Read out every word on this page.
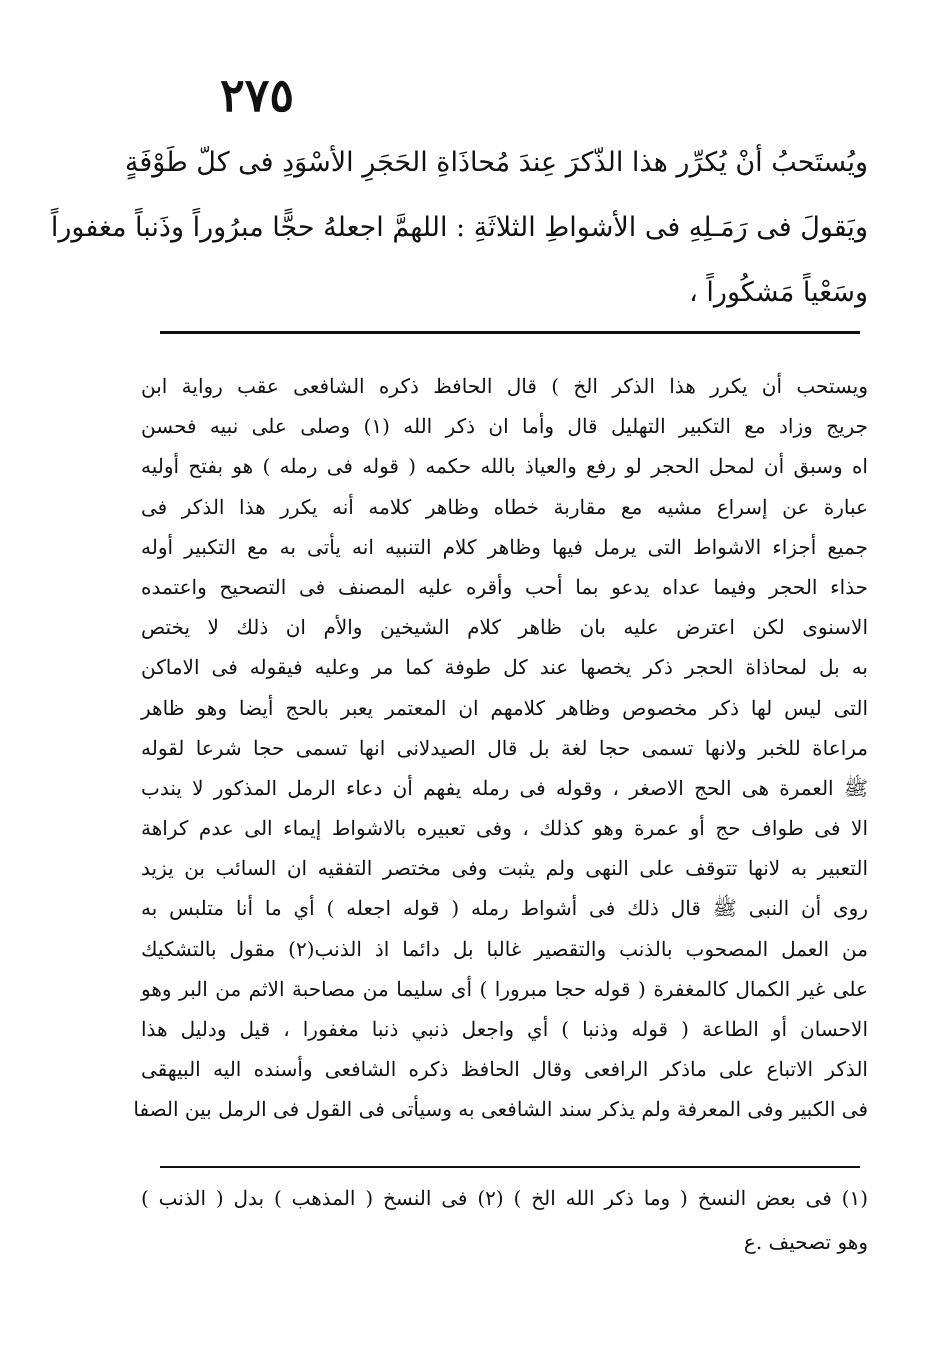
٢٧٥
ويُستَحبُ أنْ يُكرِّر هذا الذّكرَ عِندَ مُحاذَاةِ الحَجَرِ الأسْوَدِ فى كلّ طَوْفَةٍ
ويَقولَ فى رَمَـلِهِ فى الأشواطِ الثلاثَةِ : اللهمَّ اجعلهُ حجًّا مبرُوراً وذَنباً مغفوراً
وسَعْياً مَشكُوراً ،
ويستحب أن يكرر هذا الذكر الخ ) قال الحافظ ذكره الشافعى عقب رواية ابن
جريج وزاد مع التكبير التهليل قال وأما ان ذكر الله (١) وصلى على نبيه فحسن
اه وسبق أن لمحل الحجر لو رفع والعياذ بالله حكمه ( قوله فى رمله ) هو بفتح أوليه
عبارة عن إسراع مشيه مع مقاربة خطاه وظاهر كلامه أنه يكرر هذا الذكر فى
جميع أجزاء الاشواط التى يرمل فيها وظاهر كلام التنبيه انه يأتى به مع التكبير أوله
حذاء الحجر وفيما عداه يدعو بما أحب وأقره عليه المصنف فى التصحيح واعتمده
الاسنوى لكن اعترض عليه بان ظاهر كلام الشيخين والأم ان ذلك لا يختص
به بل لمحاذاة الحجر ذكر يخصها عند كل طوفة كما مر وعليه فيقوله فى الاماكن
التى ليس لها ذكر مخصوص وظاهر كلامهم ان المعتمر يعبر بالحج أيضا وهو ظاهر
مراعاة للخبر ولانها تسمى حجا لغة بل قال الصيدلانى انها تسمى حجا شرعا لقوله
ﷺ العمرة هى الحج الاصغر ، وقوله فى رمله يفهم أن دعاء الرمل المذكور لا يندب
الا فى طواف حج أو عمرة وهو كذلك ، وفى تعبيره بالاشواط إيماء الى عدم كراهة
التعبير به لانها تتوقف على النهى ولم يثبت وفى مختصر التفقيه ان السائب بن يزيد
روى أن النبى ﷺ قال ذلك فى أشواط رمله ( قوله اجعله ) أي ما أنا متلبس به
من العمل المصحوب بالذنب والتقصير غالبا بل دائما اذ الذنب(٢) مقول بالتشكيك
على غير الكمال كالمغفرة ( قوله حجا مبرورا ) أى سليما من مصاحبة الاثم من البر وهو
الاحسان أو الطاعة ( قوله وذنبا ) أي واجعل ذنبي ذنبا مغفورا ، قيل ودليل هذا
الذكر الاتباع على ماذكر الرافعى وقال الحافظ ذكره الشافعى وأسنده اليه البيهقى
فى الكبير وفى المعرفة ولم يذكر سند الشافعى به وسيأتى فى القول فى الرمل بين الصفا
(١) فى بعض النسخ ( وما ذكر الله الخ ) (٢) فى النسخ ( المذهب ) بدل ( الذنب )
وهو تصحيف .ع
